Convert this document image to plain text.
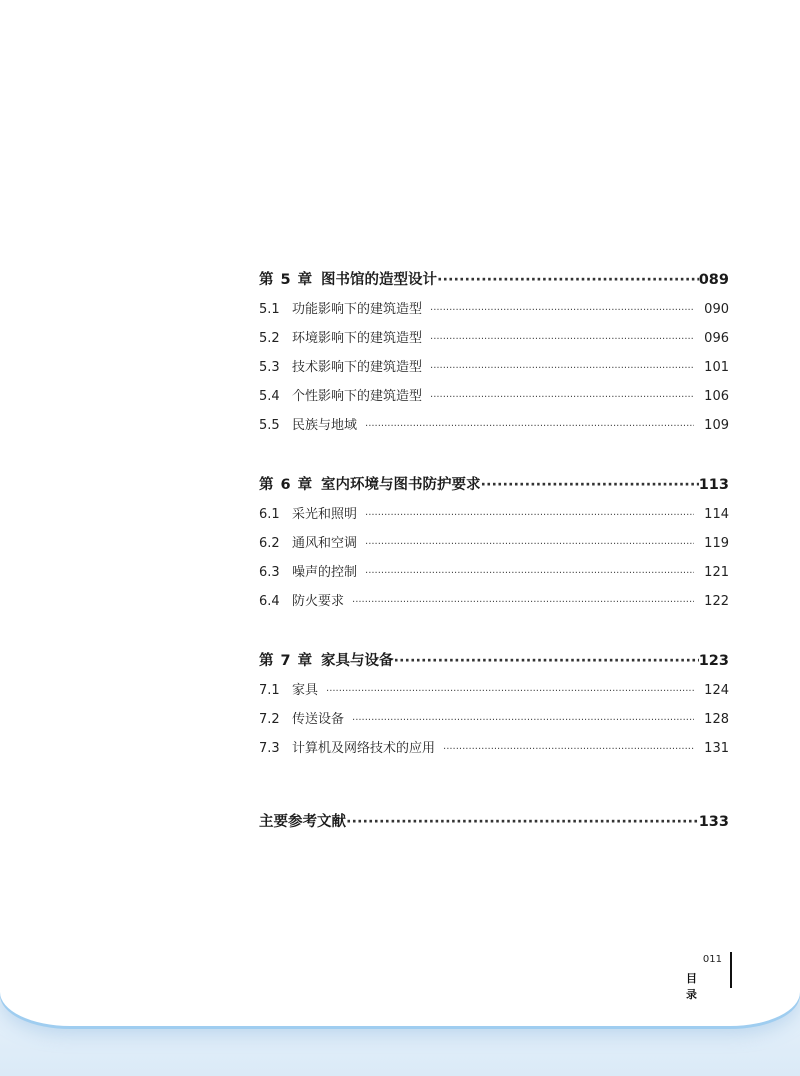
第 5 章 图书馆的造型设计 ·····	089
5.1 功能影响下的建筑造型 ·····	090
5.2 环境影响下的建筑造型 ·····	096
5.3 技术影响下的建筑造型 ·····	101
5.4 个性影响下的建筑造型 ·····	106
5.5 民族与地域 ·····	109
第 6 章 室内环境与图书防护要求 ·····	113
6.1 采光和照明 ·····	114
6.2 通风和空调 ·····	119
6.3 噪声的控制 ·····	121
6.4 防火要求 ·····	122
第 7 章 家具与设备 ·····	123
7.1 家具 ·····	124
7.2 传送设备 ·····	128
7.3 计算机及网络技术的应用 ·····	131
主要参考文献 ·····	133
011
目 录
